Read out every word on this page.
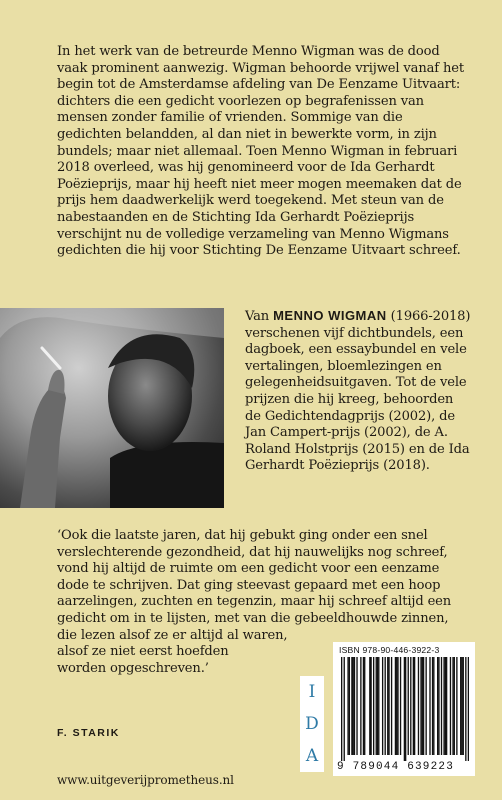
In het werk van de betreurde Menno Wigman was de dood vaak prominent aanwezig. Wigman behoorde vrijwel vanaf het begin tot de Amsterdamse afdeling van De Eenzame Uitvaart: dichters die een gedicht voorlezen op begrafenissen van mensen zonder familie of vrienden. Sommige van die gedichten belandden, al dan niet in bewerkte vorm, in zijn bundels; maar niet allemaal. Toen Menno Wigman in februari 2018 overleed, was hij genomineerd voor de Ida Gerhardt Poëzieprijs, maar hij heeft niet meer mogen meemaken dat de prijs hem daadwerkelijk werd toegekend. Met steun van de nabestaanden en de Stichting Ida Gerhardt Poëzieprijs verschijnt nu de volledige verzameling van Menno Wigmans gedichten die hij voor Stichting De Eenzame Uitvaart schreef.

Van MENNO WIGMAN (1966-2018) verschenen vijf dichtbundels, een dagboek, een essaybundel en vele vertalingen, bloemlezingen en gelegenheidsuitgaven. Tot de vele prijzen die hij kreeg, behoorden de Gedichtendagprijs (2002), de Jan Campert-prijs (2002), de A. Roland Holstprijs (2015) en de Ida Gerhardt Poëzieprijs (2018).
‘Ook die laatste jaren, dat hij gebukt ging onder een snel
verslechterende gezondheid, dat hij nauwelijks nog schreef,
vond hij altijd de ruimte om een gedicht voor een eenzame
dode te schrijven. Dat ging steevast gepaard met een hoop
aarzelingen, zuchten en tegenzin, maar hij schreef altijd een
gedicht om in te lijsten, met van die gebeeldhouwde zinnen,
die lezen alsof ze er altijd al waren,
alsof ze niet eerst hoefden
worden opgeschreven.’
F. STARIK
www.uitgeverijprometheus.nl
I
D
A
ISBN 978-90-446-3922-3
9 789044 639223
